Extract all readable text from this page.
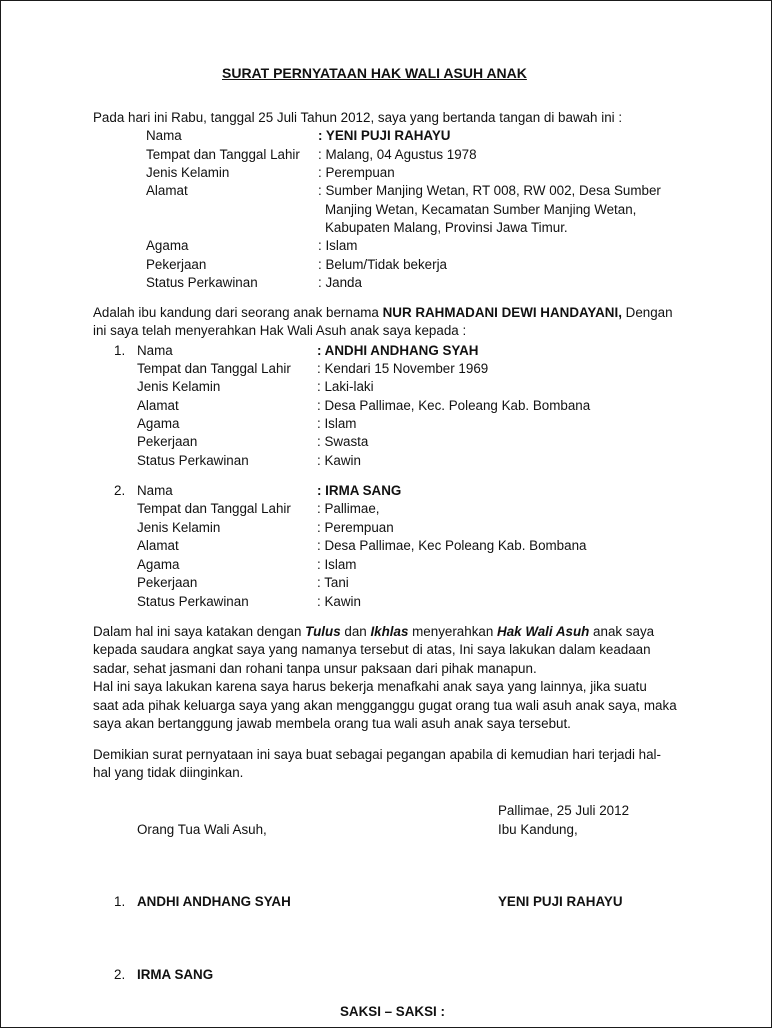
SURAT PERNYATAAN HAK WALI ASUH ANAK
Pada hari ini Rabu, tanggal 25 Juli Tahun 2012, saya yang bertanda tangan di bawah ini :
Nama	: YENI PUJI RAHAYU
Tempat dan Tanggal Lahir : Malang, 04 Agustus 1978
Jenis Kelamin	: Perempuan
Alamat	: Sumber Manjing Wetan, RT 008, RW 002, Desa Sumber
Manjing Wetan, Kecamatan Sumber Manjing Wetan,
Kabupaten Malang, Provinsi Jawa Timur.
Agama	: Islam
Pekerjaan	: Belum/Tidak bekerja
Status Perkawinan	: Janda
Adalah ibu kandung dari seorang anak bernama NUR RAHMADANI DEWI HANDAYANI, Dengan
ini saya telah menyerahkan Hak Wali Asuh anak saya kepada :
1. Nama	: ANDHI ANDHANG SYAH
Tempat dan Tanggal Lahir : Kendari 15 November 1969
Jenis Kelamin	: Laki-laki
Alamat	: Desa Pallimae, Kec. Poleang Kab. Bombana
Agama	: Islam
Pekerjaan	: Swasta
Status Perkawinan	: Kawin
2. Nama	: IRMA SANG
Tempat dan Tanggal Lahir : Pallimae,
Jenis Kelamin	: Perempuan
Alamat	: Desa Pallimae, Kec Poleang Kab. Bombana
Agama	: Islam
Pekerjaan	: Tani
Status Perkawinan	: Kawin
Dalam hal ini saya katakan dengan Tulus dan Ikhlas menyerahkan Hak Wali Asuh anak saya
kepada saudara angkat saya yang namanya tersebut di atas, Ini saya lakukan dalam keadaan
sadar, sehat jasmani dan rohani tanpa unsur paksaan dari pihak manapun.
Hal ini saya lakukan karena saya harus bekerja menafkahi anak saya yang lainnya, jika suatu
saat ada pihak keluarga saya yang akan mengganggu gugat orang tua wali asuh anak saya, maka
saya akan bertanggung jawab membela orang tua wali asuh anak saya tersebut.
Demikian surat pernyataan ini saya buat sebagai pegangan apabila di kemudian hari terjadi hal-
hal yang tidak diinginkan.
Pallimae, 25 Juli 2012
Orang Tua Wali Asuh,	Ibu Kandung,
1. ANDHI ANDHANG SYAH	YENI PUJI RAHAYU
2. IRMA SANG
SAKSI – SAKSI :
